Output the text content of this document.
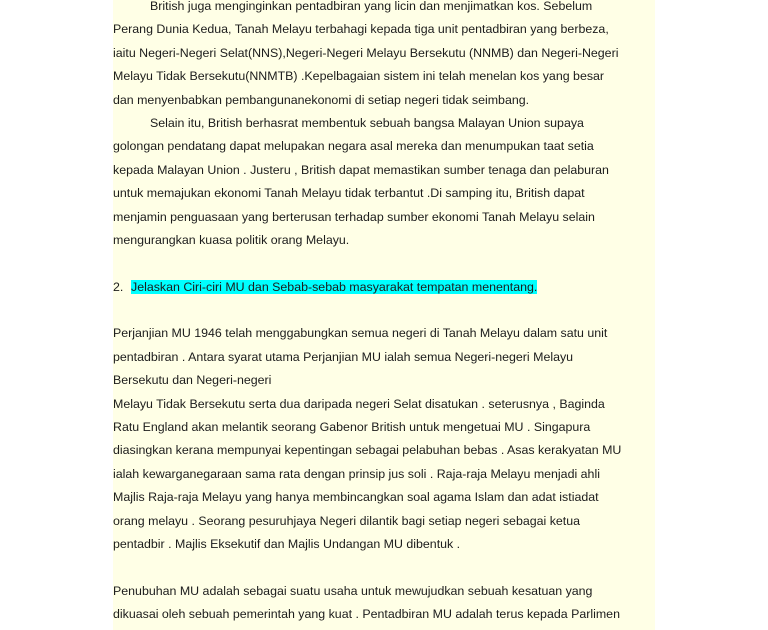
British juga menginginkan pentadbiran yang licin dan menjimatkan kos. Sebelum
Perang Dunia Kedua, Tanah Melayu terbahagi kepada tiga unit pentadbiran yang berbeza,
iaitu Negeri-Negeri Selat(NNS),Negeri-Negeri Melayu Bersekutu (NNMB) dan Negeri-Negeri
Melayu Tidak Bersekutu(NNMTB) .Kepelbagaian sistem ini telah menelan kos yang besar
dan menyenbabkan pembangunanekonomi di setiap negeri tidak seimbang.
Selain itu, British berhasrat membentuk sebuah bangsa Malayan Union supaya
golongan pendatang dapat melupakan negara asal mereka dan menumpukan taat setia
kepada Malayan Union . Justeru , British dapat memastikan sumber tenaga dan pelaburan
untuk memajukan ekonomi Tanah Melayu tidak terbantut .Di samping itu, British dapat
menjamin penguasaan yang berterusan terhadap sumber ekonomi Tanah Melayu selain
mengurangkan kuasa politik orang Melayu.
2. Jelaskan Ciri-ciri MU dan Sebab-sebab masyarakat tempatan menentang.
Perjanjian MU 1946 telah menggabungkan semua negeri di Tanah Melayu dalam satu unit
pentadbiran . Antara syarat utama Perjanjian MU ialah semua Negeri-negeri Melayu
Bersekutu dan Negeri-negeri
Melayu Tidak Bersekutu serta dua daripada negeri Selat disatukan . seterusnya , Baginda
Ratu England akan melantik seorang Gabenor British untuk mengetuai MU . Singapura
diasingkan kerana mempunyai kepentingan sebagai pelabuhan bebas . Asas kerakyatan MU
ialah kewarganegaraan sama rata dengan prinsip jus soli . Raja-raja Melayu menjadi ahli
Majlis Raja-raja Melayu yang hanya membincangkan soal agama Islam dan adat istiadat
orang melayu . Seorang pesuruhjaya Negeri dilantik bagi setiap negeri sebagai ketua
pentadbir . Majlis Eksekutif dan Majlis Undangan MU dibentuk .
Penubuhan MU adalah sebagai suatu usaha untuk mewujudkan sebuah kesatuan yang
dikuasai oleh sebuah pemerintah yang kuat . Pentadbiran MU adalah terus kepada Parlimen
